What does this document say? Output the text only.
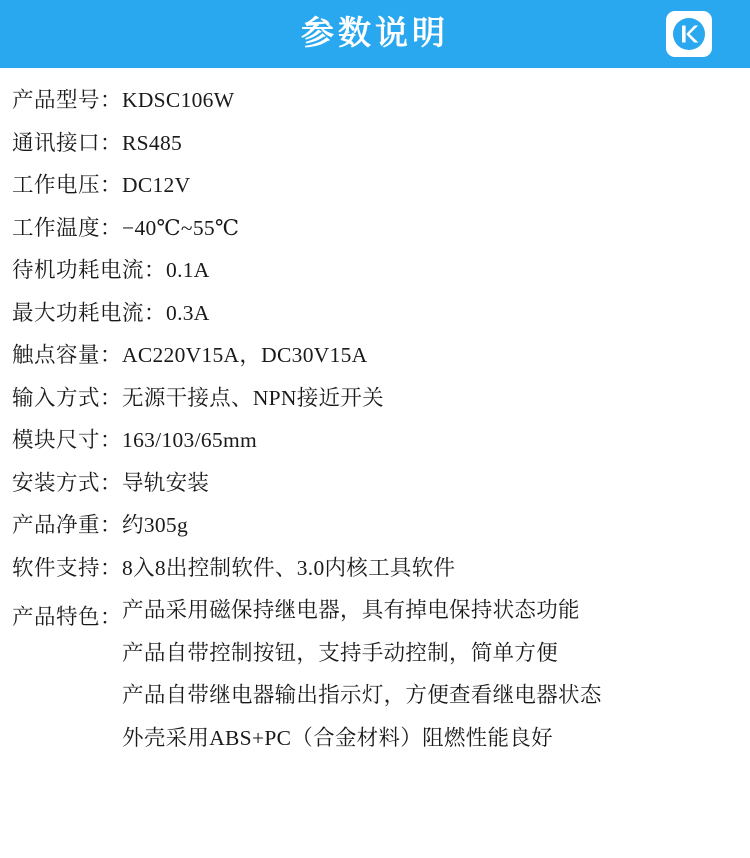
参数说明
产品型号： KDSC106W
通讯接口： RS485
工作电压： DC12V
工作温度： −40℃~55℃
待机功耗电流： 0.1A
最大功耗电流： 0.3A
触点容量： AC220V15A，DC30V15A
输入方式： 无源干接点、NPN接近开关
模块尺寸： 163/103/65mm
安装方式： 导轨安装
产品净重： 约305g
软件支持： 8入8出控制软件、3.0内核工具软件
产品特色： 产品采用磁保持继电器，具有掉电保持状态功能
产品自带控制按钮，支持手动控制，简单方便
产品自带继电器输出指示灯，方便查看继电器状态
外壳采用ABS+PC（合金材料）阻燃性能良好
